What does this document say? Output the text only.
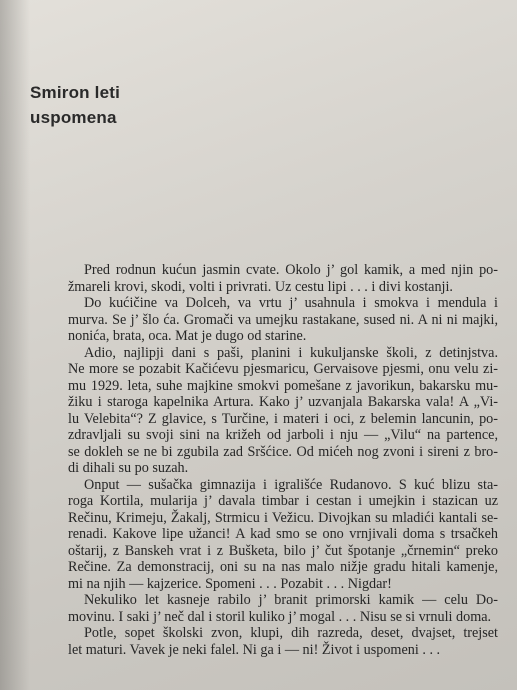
Smiron leti
uspomena
Pred rodnun kućun jasmin cvate. Okolo j’ gol kamik, a med njin po-
žmareli krovi, skodi, volti i privrati. Uz cestu lipi . . . i divi kostanji.
Do kućičine va Dolceh, va vrtu j’ usahnula i smokva i mendula i
murva. Se j’ šlo ća. Gromači va umejku rastakane, sused ni. A ni ni majki,
nonića, brata, oca. Mat je dugo od starine.
Adio, najlipji dani s paši, planini i kukuljanske školi, z detinjstva.
Ne more se pozabit Kačićevu pjesmaricu, Gervaisove pjesmi, onu velu zi-
mu 1929. leta, suhe majkine smokvi pomešane z javorikun, bakarsku mu-
žiku i staroga kapelnika Artura. Kako j’ uzvanjala Bakarska vala! A „Vi-
lu Velebita“? Z glavice, s Turčine, i materi i oci, z belemin lancunin, po-
zdravljali su svoji sini na križeh od jarboli i nju — „Vilu“ na partence,
se dokleh se ne bi zgubila zad Sršćice. Od mićeh nog zvoni i sireni z bro-
di dihali su po suzah.
Onput — sušačka gimnazija i igrališće Rudanovo. S kuć blizu sta-
roga Kortila, mularija j’ davala timbar i cestan i umejkin i stazican uz
Rečinu, Krimeju, Žakalj, Strmicu i Vežicu. Divojkan su mladići kantali se-
renadi. Kakove lipe užanci! A kad smo se ono vrnjivali doma s trsačkeh
oštarij, z Banskeh vrat i z Bušketa, bilo j’ čut špotanje „črnemin“ preko
Rečine. Za demonstracij, oni su na nas malo nižje gradu hitali kamenje,
mi na njih — kajzerice. Spomeni . . . Pozabit . . . Nigdar!
Nekuliko let kasneje rabilo j’ branit primorski kamik — celu Do-
movinu. I saki j’ neč dal i storil kuliko j’ mogal . . . Nisu se si vrnuli doma.
Potle, sopet školski zvon, klupi, dih razreda, deset, dvajset, trejset
let maturi. Vavek je neki falel. Ni ga i — ni! Život i uspomeni . . .
